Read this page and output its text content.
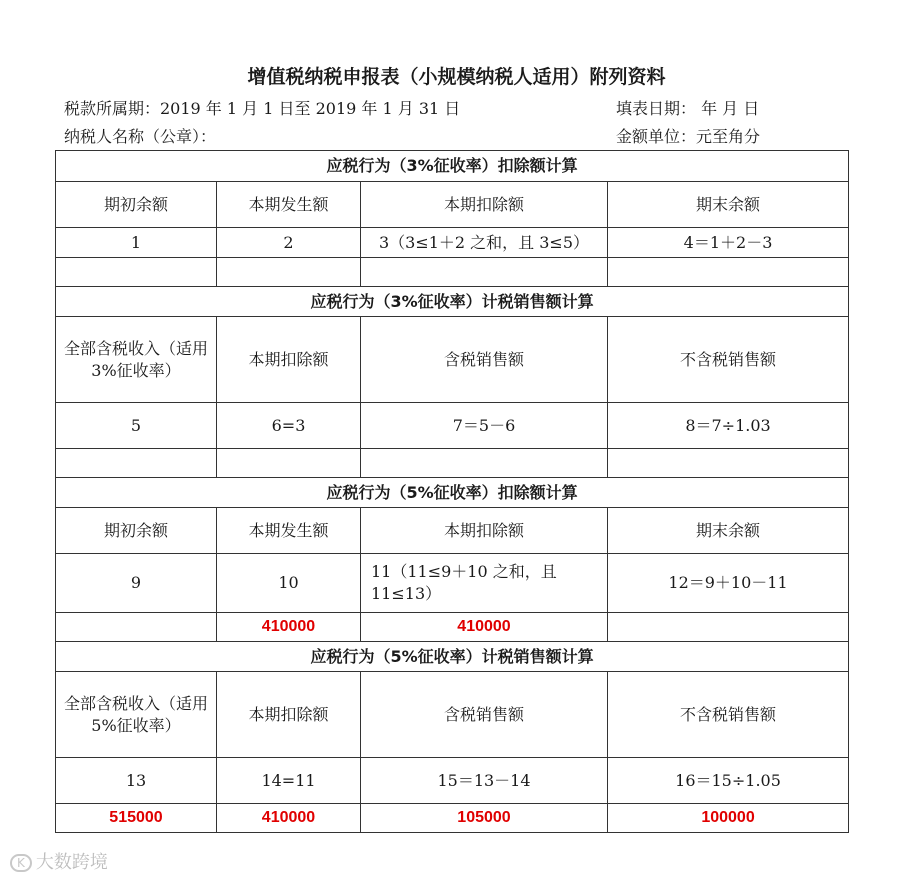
增值税纳税申报表（小规模纳税人适用）附列资料
税款所属期：2019 年 1 月 1 日至 2019 年 1 月 31 日	填表日期： 年 月 日
纳税人名称（公章）：	金额单位：元至角分
应税行为（3%征收率）扣除额计算			
期初余额	本期发生额	本期扣除额	期末余额
1	2	3（3≤1＋2 之和，且 3≤5）	4＝1＋2－3

应税行为（3%征收率）计税销售额计算			
全部含税收入（适用 3%征收率）	本期扣除额	含税销售额	不含税销售额
5	6=3	7＝5－6	8＝7÷1.03

应税行为（5%征收率）扣除额计算			
期初余额	本期发生额	本期扣除额	期末余额
9	10	11（11≤9＋10 之和，且 11≤13）	12＝9＋10－11
	410000	410000	
应税行为（5%征收率）计税销售额计算			
全部含税收入（适用 5%征收率）	本期扣除额	含税销售额	不含税销售额
13	14=11	15＝13－14	16＝15÷1.05
515000	410000	105000	100000
K 大数跨境
